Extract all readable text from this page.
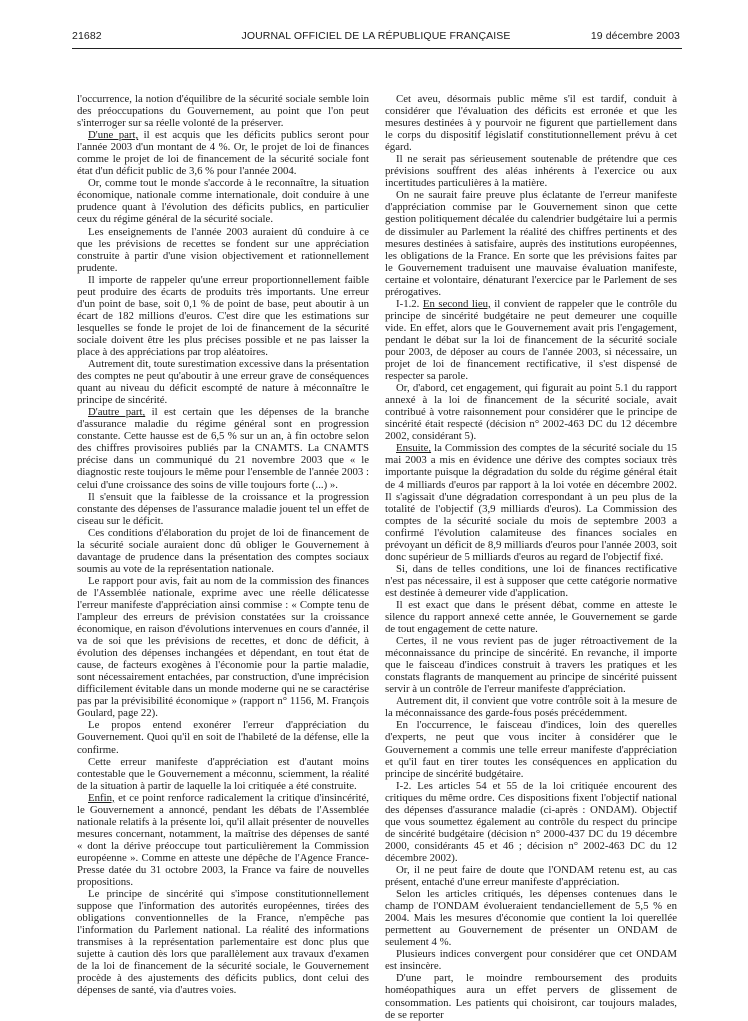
21682	JOURNAL OFFICIEL DE LA RÉPUBLIQUE FRANÇAISE	19 décembre 2003

l'occurrence, la notion d'équilibre de la sécurité sociale semble loin des préoccupations du Gouvernement, au point que l'on peut s'interroger sur sa réelle volonté de la préserver.

D'une part, il est acquis que les déficits publics seront pour l'année 2003 d'un montant de 4 %. Or, le projet de loi de finances comme le projet de loi de financement de la sécurité sociale font état d'un déficit public de 3,6 % pour l'année 2004.

Or, comme tout le monde s'accorde à le reconnaître, la situation économique, nationale comme internationale, doit conduire à une prudence quant à l'évolution des déficits publics, en particulier ceux du régime général de la sécurité sociale.

Les enseignements de l'année 2003 auraient dû conduire à ce que les prévisions de recettes se fondent sur une appréciation construite à partir d'une vision objectivement et rationnellement prudente.

Il importe de rappeler qu'une erreur proportionnellement faible peut produire des écarts de produits très importants. Une erreur d'un point de base, soit 0,1 % de point de base, peut aboutir à un écart de 182 millions d'euros. C'est dire que les estimations sur lesquelles se fonde le projet de loi de financement de la sécurité sociale doivent être les plus précises possible et ne pas laisser la place à des appréciations par trop aléatoires.

Autrement dit, toute surestimation excessive dans la présentation des comptes ne peut qu'aboutir à une erreur grave de conséquences quant au niveau du déficit escompté de nature à méconnaître le principe de sincérité.

D'autre part, il est certain que les dépenses de la branche d'assurance maladie du régime général sont en progression constante. Cette hausse est de 6,5 % sur un an, à fin octobre selon des chiffres provisoires publiés par la CNAMTS. La CNAMTS précise dans un communiqué du 21 novembre 2003 que « le diagnostic reste toujours le même pour l'ensemble de l'année 2003 : celui d'une croissance des soins de ville toujours forte (...) ».

Il s'ensuit que la faiblesse de la croissance et la progression constante des dépenses de l'assurance maladie jouent tel un effet de ciseau sur le déficit.

Ces conditions d'élaboration du projet de loi de financement de la sécurité sociale auraient donc dû obliger le Gouvernement à davantage de prudence dans la présentation des comptes sociaux soumis au vote de la représentation nationale.

Le rapport pour avis, fait au nom de la commission des finances de l'Assemblée nationale, exprime avec une réelle délicatesse l'erreur manifeste d'appréciation ainsi commise : « Compte tenu de l'ampleur des erreurs de prévision constatées sur la croissance économique, en raison d'évolutions intervenues en cours d'année, il va de soi que les prévisions de recettes, et donc de déficit, à évolution des dépenses inchangées et dépendant, en tout état de cause, de facteurs exogènes à l'économie pour la partie maladie, sont nécessairement entachées, par construction, d'une imprécision difficilement évitable dans un monde moderne qui ne se caractérise pas par la prévisibilité économique » (rapport n° 1156, M. François Goulard, page 22).

Le propos entend exonérer l'erreur d'appréciation du Gouvernement. Quoi qu'il en soit de l'habileté de la défense, elle la confirme.

Cette erreur manifeste d'appréciation est d'autant moins contestable que le Gouvernement a méconnu, sciemment, la réalité de la situation à partir de laquelle la loi critiquée a été construite.

Enfin, et ce point renforce radicalement la critique d'insincérité, le Gouvernement a annoncé, pendant les débats de l'Assemblée nationale relatifs à la présente loi, qu'il allait présenter de nouvelles mesures concernant, notamment, la maîtrise des dépenses de santé « dont la dérive préoccupe tout particulièrement la Commission européenne ». Comme en atteste une dépêche de l'Agence France-Presse datée du 31 octobre 2003, la France va faire de nouvelles propositions.

Le principe de sincérité qui s'impose constitutionnellement suppose que l'information des autorités européennes, tirées des obligations conventionnelles de la France, n'empêche pas l'information du Parlement national. La réalité des informations transmises à la représentation parlementaire est donc plus que sujette à caution dès lors que parallèlement aux travaux d'examen de la loi de financement de la sécurité sociale, le Gouvernement procède à des ajustements des déficits publics, dont celui des dépenses de santé, via d'autres voies.

Cet aveu, désormais public même s'il est tardif, conduit à considérer que l'évaluation des déficits est erronée et que les mesures destinées à y pourvoir ne figurent que partiellement dans le corps du dispositif législatif constitutionnellement prévu à cet égard.

Il ne serait pas sérieusement soutenable de prétendre que ces prévisions souffrent des aléas inhérents à l'exercice ou aux incertitudes particulières à la matière.

On ne saurait faire preuve plus éclatante de l'erreur manifeste d'appréciation commise par le Gouvernement sinon que cette gestion politiquement décalée du calendrier budgétaire lui a permis de dissimuler au Parlement la réalité des chiffres pertinents et des mesures destinées à satisfaire, auprès des institutions européennes, les obligations de la France. En sorte que les prévisions faites par le Gouvernement traduisent une mauvaise évaluation manifeste, certaine et volontaire, dénaturant l'exercice par le Parlement de ses prérogatives.

I-1.2. En second lieu, il convient de rappeler que le contrôle du principe de sincérité budgétaire ne peut demeurer une coquille vide. En effet, alors que le Gouvernement avait pris l'engagement, pendant le débat sur la loi de financement de la sécurité sociale pour 2003, de déposer au cours de l'année 2003, si nécessaire, un projet de loi de financement rectificative, il s'est dispensé de respecter sa parole.

Or, d'abord, cet engagement, qui figurait au point 5.1 du rapport annexé à la loi de financement de la sécurité sociale, avait contribué à votre raisonnement pour considérer que le principe de sincérité était respecté (décision n° 2002-463 DC du 12 décembre 2002, considérant 5).

Ensuite, la Commission des comptes de la sécurité sociale du 15 mai 2003 a mis en évidence une dérive des comptes sociaux très importante puisque la dégradation du solde du régime général était de 4 milliards d'euros par rapport à la loi votée en décembre 2002. Il s'agissait d'une dégradation correspondant à un peu plus de la totalité de l'objectif (3,9 milliards d'euros). La Commission des comptes de la sécurité sociale du mois de septembre 2003 a confirmé l'évolution calamiteuse des finances sociales en prévoyant un déficit de 8,9 milliards d'euros pour l'année 2003, soit donc supérieur de 5 milliards d'euros au regard de l'objectif fixé.

Si, dans de telles conditions, une loi de finances rectificative n'est pas nécessaire, il est à supposer que cette catégorie normative est destinée à demeurer vide d'application.

Il est exact que dans le présent débat, comme en atteste le silence du rapport annexé cette année, le Gouvernement se garde de tout engagement de cette nature.

Certes, il ne vous revient pas de juger rétroactivement de la méconnaissance du principe de sincérité. En revanche, il importe que le faisceau d'indices construit à travers les pratiques et les constats flagrants de manquement au principe de sincérité puissent servir à un contrôle de l'erreur manifeste d'appréciation.

Autrement dit, il convient que votre contrôle soit à la mesure de la méconnaissance des garde-fous posés précédemment.

En l'occurrence, le faisceau d'indices, loin des querelles d'experts, ne peut que vous inciter à considérer que le Gouvernement a commis une telle erreur manifeste d'appréciation et qu'il faut en tirer toutes les conséquences en application du principe de sincérité budgétaire.

I-2. Les articles 54 et 55 de la loi critiquée encourent des critiques du même ordre. Ces dispositions fixent l'objectif national des dépenses d'assurance maladie (ci-après : ONDAM). Objectif que vous soumettez également au contrôle du respect du principe de sincérité budgétaire (décision n° 2000-437 DC du 19 décembre 2000, considérants 45 et 46 ; décision n° 2002-463 DC du 12 décembre 2002).

Or, il ne peut faire de doute que l'ONDAM retenu est, au cas présent, entaché d'une erreur manifeste d'appréciation.

Selon les articles critiqués, les dépenses contenues dans le champ de l'ONDAM évolueraient tendanciellement de 5,5 % en 2004. Mais les mesures d'économie que contient la loi querellée permettent au Gouvernement de présenter un ONDAM de seulement 4 %.

Plusieurs indices convergent pour considérer que cet ONDAM est insincère.

D'une part, le moindre remboursement des produits homéopathiques aura un effet pervers de glissement de consommation. Les patients qui choisiront, car toujours malades, de se reporter
